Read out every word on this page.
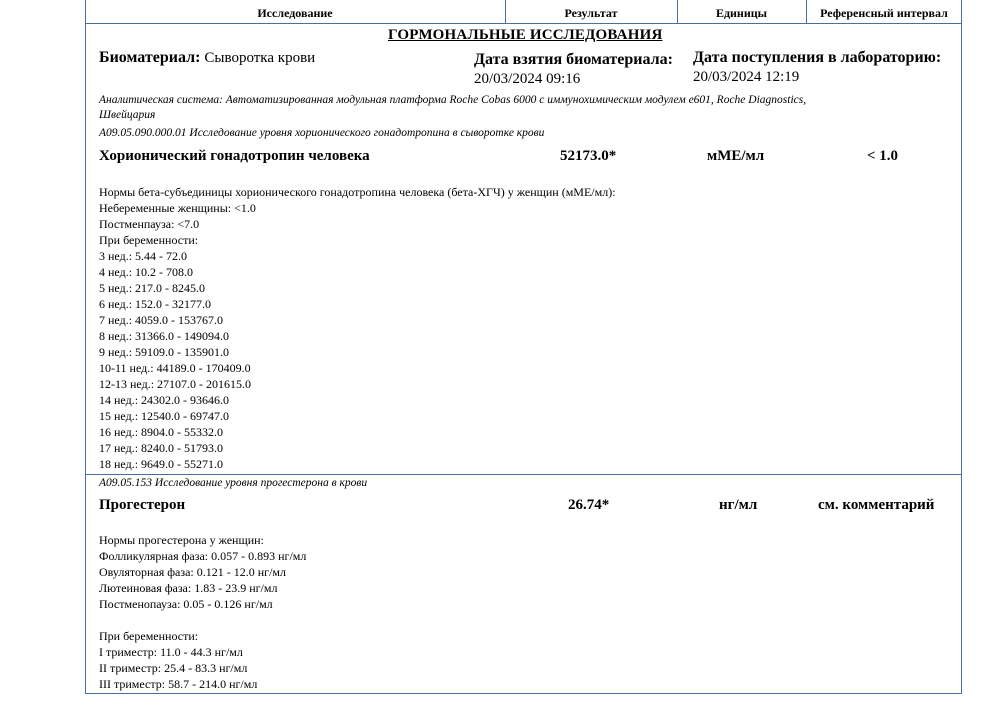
Исследование	Результат	Единицы	Референсный интервал
ГОРМОНАЛЬНЫЕ ИССЛЕДОВАНИЯ
Биоматериал: Сыворотка крови	Дата взятия биоматериала:
20/03/2024 09:16
Дата поступления в лабораторию:
20/03/2024 12:19
Аналитическая система: Автоматизированная модульная платформа Roche Cobas 6000 с иммунохимическим модулем e601, Roche Diagnostics,
Швейцария
A09.05.090.000.01 Исследование уровня хорионического гонадотропина в сыворотке крови
Хорионический гонадотропин человека	52173.0*	мМЕ/мл	< 1.0
Нормы бета-субъединицы хорионического гонадотропина человека (бета-ХГЧ) у женщин (мМЕ/мл):
Небеременные женщины: <1.0
Постменпауза: <7.0
При беременности:
3 нед.: 5.44 - 72.0
4 нед.: 10.2 - 708.0
5 нед.: 217.0 - 8245.0
6 нед.: 152.0 - 32177.0
7 нед.: 4059.0 - 153767.0
8 нед.: 31366.0 - 149094.0
9 нед.: 59109.0 - 135901.0
10-11 нед.: 44189.0 - 170409.0
12-13 нед.: 27107.0 - 201615.0
14 нед.: 24302.0 - 93646.0
15 нед.: 12540.0 - 69747.0
16 нед.: 8904.0 - 55332.0
17 нед.: 8240.0 - 51793.0
18 нед.: 9649.0 - 55271.0
A09.05.153 Исследование уровня прогестерона в крови
Прогестерон	26.74*	нг/мл	см. комментарий
Нормы прогестерона у женщин:
Фолликулярная фаза: 0.057 - 0.893 нг/мл
Овуляторная фаза: 0.121 - 12.0 нг/мл
Лютеиновая фаза: 1.83 - 23.9 нг/мл
Постменопауза: 0.05 - 0.126 нг/мл
При беременности:
I триместр: 11.0 - 44.3 нг/мл
II триместр: 25.4 - 83.3 нг/мл
III триместр: 58.7 - 214.0 нг/мл
